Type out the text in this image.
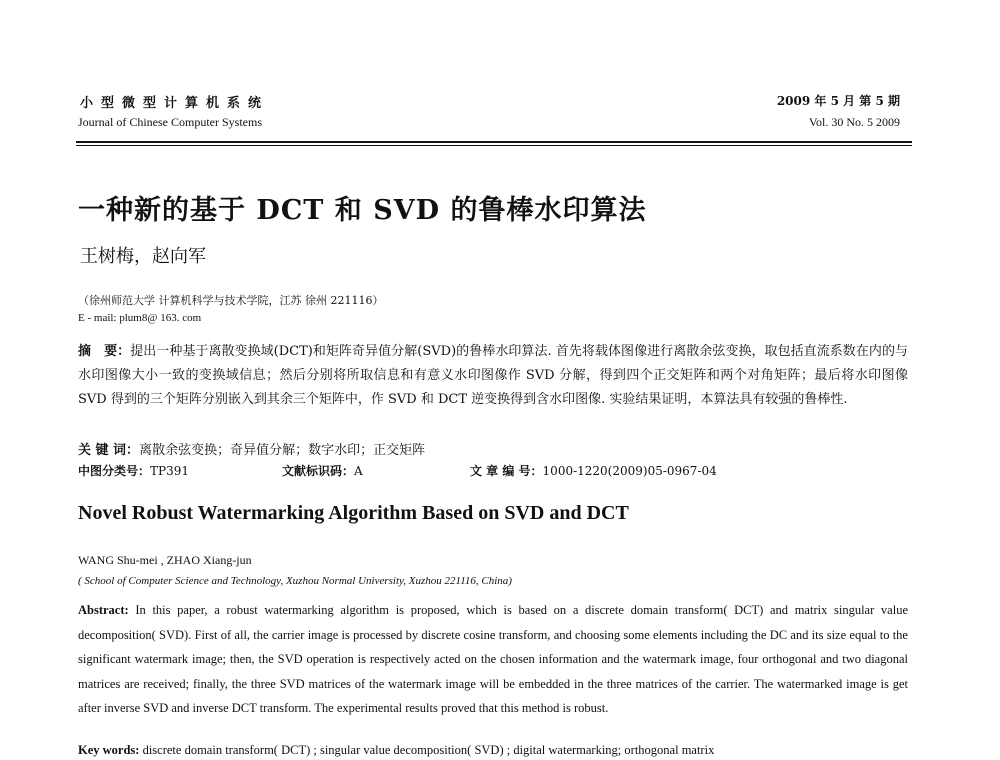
小型微型计算机系统
Journal of Chinese Computer Systems
2009 年 5 月 第 5 期
Vol. 30 No. 5 2009
一种新的基于 DCT 和 SVD 的鲁棒水印算法
王树梅，赵向军
（徐州师范大学 计算机科学与技术学院，江苏 徐州 221116）
E - mail: plum8@ 163. com
摘　要：提出一种基于离散变换域(DCT)和矩阵奇异值分解(SVD)的鲁棒水印算法. 首先将载体图像进行离散余弦变换，取包括直流系数在内的与水印图像大小一致的变换域信息；然后分别将所取信息和有意义水印图像作 SVD 分解，得到四个正交矩阵和两个对角矩阵；最后将水印图像 SVD 得到的三个矩阵分别嵌入到其余三个矩阵中，作 SVD 和 DCT 逆变换得到含水印图像. 实验结果证明，本算法具有较强的鲁棒性.
关 键 词：离散余弦变换；奇异值分解；数字水印；正交矩阵
中图分类号：TP391	文献标识码：A	文 章 编 号：1000-1220(2009)05-0967-04
Novel Robust Watermarking Algorithm Based on SVD and DCT
WANG Shu-mei , ZHAO Xiang-jun
( School of Computer Science and Technology, Xuzhou Normal University, Xuzhou 221116, China)
Abstract: In this paper, a robust watermarking algorithm is proposed, which is based on a discrete domain transform( DCT) and matrix singular value decomposition( SVD). First of all, the carrier image is processed by discrete cosine transform, and choosing some elements including the DC and its size equal to the significant watermark image; then, the SVD operation is respectively acted on the chosen information and the watermark image, four orthogonal and two diagonal matrices are received; finally, the three SVD matrices of the watermark image will be embedded in the three matrices of the carrier. The watermarked image is get after inverse SVD and inverse DCT transform. The experimental results proved that this method is robust.
Key words: discrete domain transform( DCT) ; singular value decomposition( SVD) ; digital watermarking; orthogonal matrix
